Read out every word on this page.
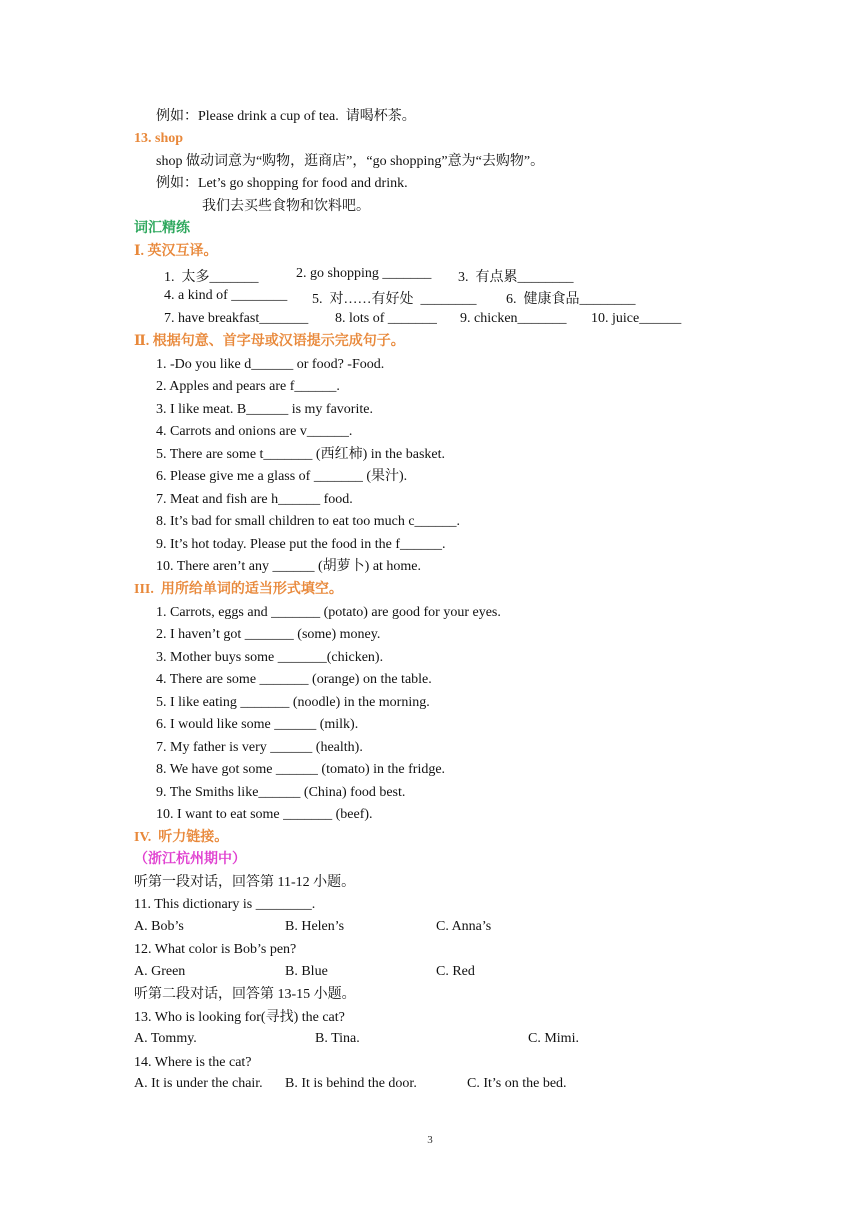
例如：Please drink a cup of tea.  请喝杯茶。
13. shop
shop 做动词意为“购物，逛商店”，“go shopping”意为“去购物”。
例如：Let’s go shopping for food and drink.
我们去买些食物和饮料吧。
词汇精练
Ⅰ. 英汉互译。
1.  太多_______	2. go shopping _______ 3.  有点累________
4. a kind of ________ 5.  对……有好处  ________ 6.  健康食品________
7. have breakfast_______ 8. lots of _______ 9. chicken_______ 10. juice______
Ⅱ. 根据句意、首字母或汉语提示完成句子。
1. -Do you like d______ or food? -Food.
2. Apples and pears are f______.
3. I like meat. B______ is my favorite.
4. Carrots and onions are v______.
5. There are some t_______ (西红柿) in the basket.
6. Please give me a glass of _______ (果汁).
7. Meat and fish are h______ food.
8. It’s bad for small children to eat too much c______.
9. It’s hot today. Please put the food in the f______.
10. There aren’t any ______ (胡萝卜) at home.
III.  用所给单词的适当形式填空。
1. Carrots, eggs and _______ (potato) are good for your eyes.
2. I haven’t got _______ (some) money.
3. Mother buys some _______(chicken).
4. There are some _______ (orange) on the table.
5. I like eating _______ (noodle) in the morning.
6. I would like some ______ (milk).
7. My father is very ______ (health).
8. We have got some ______ (tomato) in the fridge.
9. The Smiths like______ (China) food best.
10. I want to eat some _______ (beef).
IV.  听力链接。
（浙江杭州期中）
听第一段对话，回答第 11-12 小题。
11. This dictionary is ________.
A. Bob’s	B. Helen’s	C. Anna’s
12. What color is Bob’s pen?
A. Green	B. Blue	C. Red
听第二段对话，回答第 13-15 小题。
13. Who is looking for(寻找) the cat?
A. Tommy.	B. Tina.	C. Mimi.
14. Where is the cat?
A. It is under the chair. B. It is behind the door.	C. It’s on the bed.
3
